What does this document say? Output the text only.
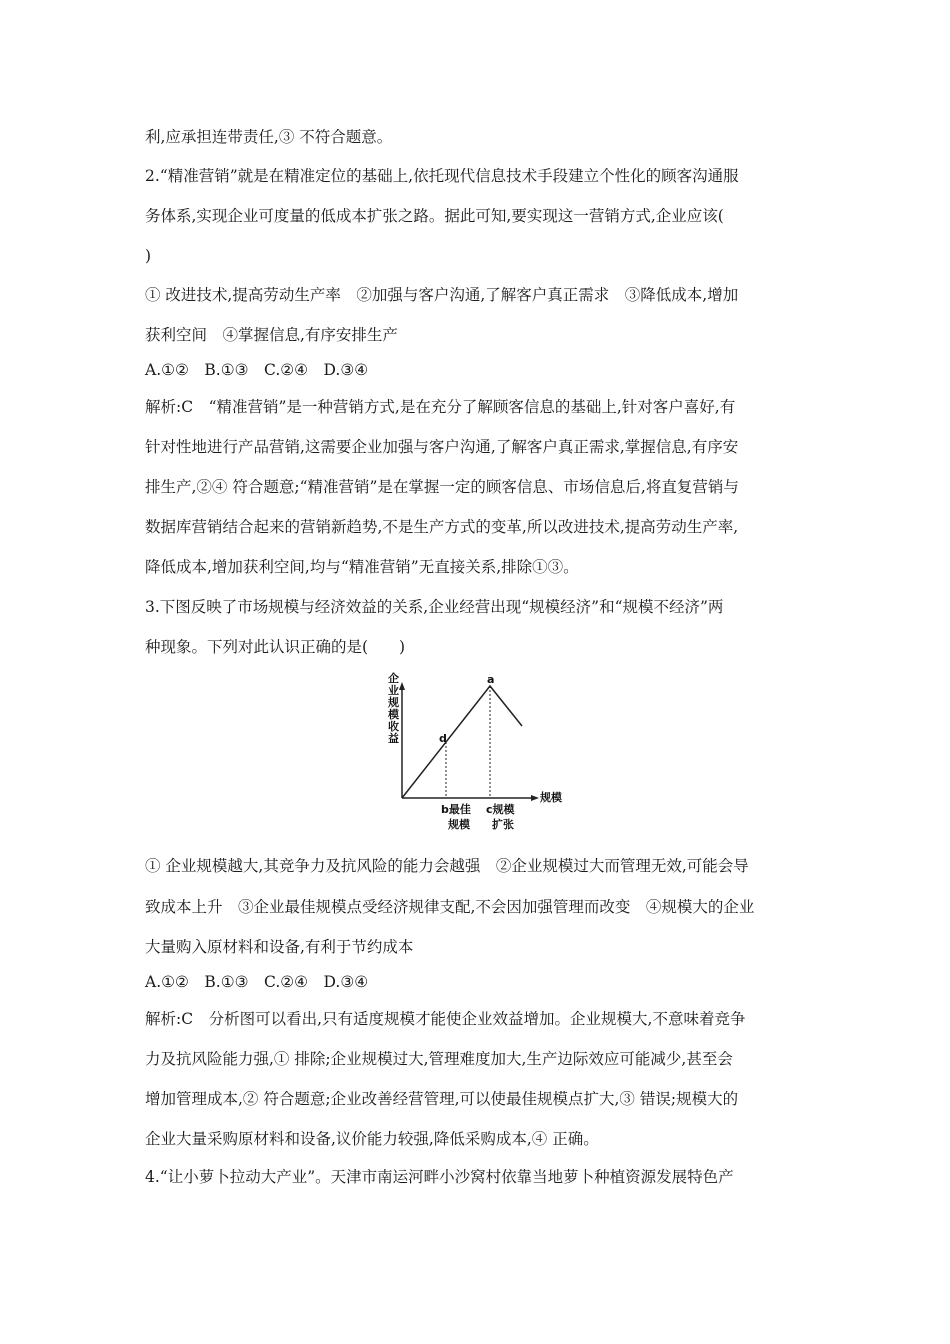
利,应承担连带责任,③ 不符合题意。
2.“精准营销”就是在精准定位的基础上,依托现代信息技术手段建立个性化的顾客沟通服
务体系,实现企业可度量的低成本扩张之路。据此可知,要实现这一营销方式,企业应该(
)
① 改进技术,提高劳动生产率　②加强与客户沟通,了解客户真正需求　③降低成本,增加
获利空间　④掌握信息,有序安排生产
A.①②　B.①③　C.②④　D.③④
解析:C　“精准营销”是一种营销方式,是在充分了解顾客信息的基础上,针对客户喜好,有
针对性地进行产品营销,这需要企业加强与客户沟通,了解客户真正需求,掌握信息,有序安
排生产,②④ 符合题意;“精准营销”是在掌握一定的顾客信息、市场信息后,将直复营销与
数据库营销结合起来的营销新趋势,不是生产方式的变革,所以改进技术,提高劳动生产率,
降低成本,增加获利空间,均与“精准营销”无直接关系,排除①③。
3.下图反映了市场规模与经济效益的关系,企业经营出现“规模经济”和“规模不经济”两
种现象。下列对此认识正确的是(　　)
企
业
规
模
收
益
规模
a
d
b最佳
规模
c规模
扩张
① 企业规模越大,其竞争力及抗风险的能力会越强　②企业规模过大而管理无效,可能会导
致成本上升　③企业最佳规模点受经济规律支配,不会因加强管理而改变　④规模大的企业
大量购入原材料和设备,有利于节约成本
A.①②　B.①③　C.②④　D.③④
解析:C　分析图可以看出,只有适度规模才能使企业效益增加。企业规模大,不意味着竞争
力及抗风险能力强,① 排除;企业规模过大,管理难度加大,生产边际效应可能减少,甚至会
增加管理成本,② 符合题意;企业改善经营管理,可以使最佳规模点扩大,③ 错误;规模大的
企业大量采购原材料和设备,议价能力较强,降低采购成本,④ 正确。
4.“让小萝卜拉动大产业”。天津市南运河畔小沙窝村依靠当地萝卜种植资源发展特色产
